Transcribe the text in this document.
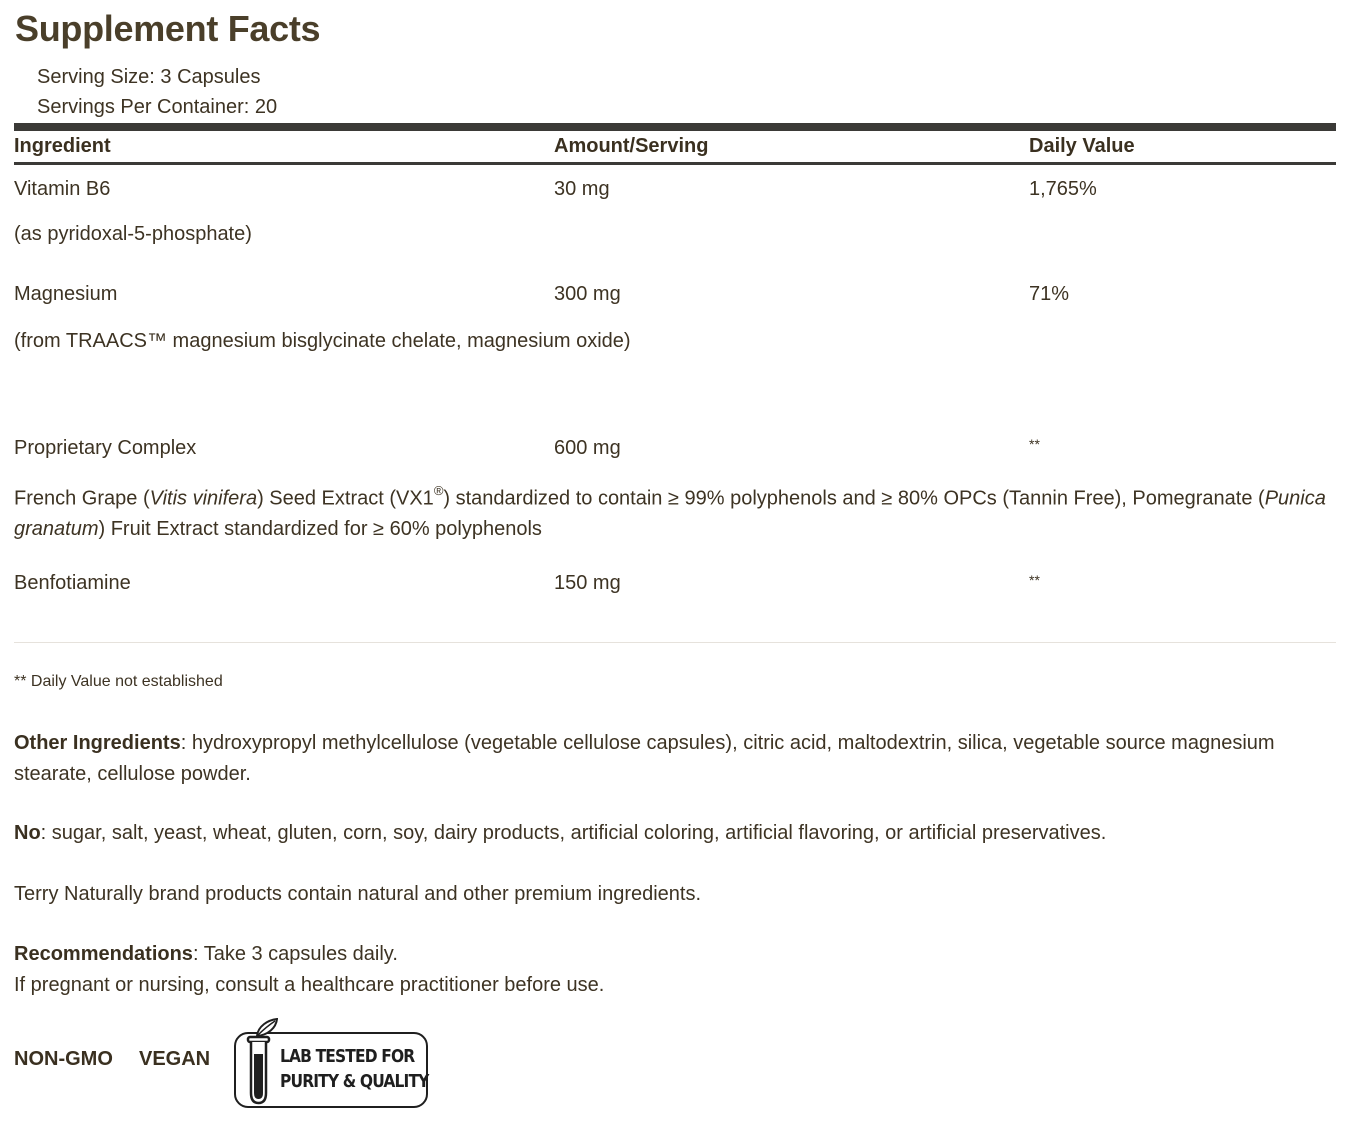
Supplement Facts
Serving Size: 3 Capsules
Servings Per Container: 20
Ingredient	Amount/Serving	Daily Value
Vitamin B6	30 mg	1,765%
(as pyridoxal-5-phosphate)
Magnesium	300 mg	71%
(from TRAACS™ magnesium bisglycinate chelate, magnesium oxide)
Proprietary Complex	600 mg	**
French Grape (Vitis vinifera) Seed Extract (VX1®) standardized to contain ≥ 99% polyphenols and ≥ 80% OPCs (Tannin Free), Pomegranate (Punica granatum) Fruit Extract standardized for ≥ 60% polyphenols
Benfotiamine	150 mg	**
** Daily Value not established
Other Ingredients: hydroxypropyl methylcellulose (vegetable cellulose capsules), citric acid, maltodextrin, silica, vegetable source magnesium stearate, cellulose powder.
No: sugar, salt, yeast, wheat, gluten, corn, soy, dairy products, artificial coloring, artificial flavoring, or artificial preservatives.
Terry Naturally brand products contain natural and other premium ingredients.
Recommendations: Take 3 capsules daily.
If pregnant or nursing, consult a healthcare practitioner before use.
NON-GMO VEGAN	LAB TESTED FOR
PURITY & QUALITY
